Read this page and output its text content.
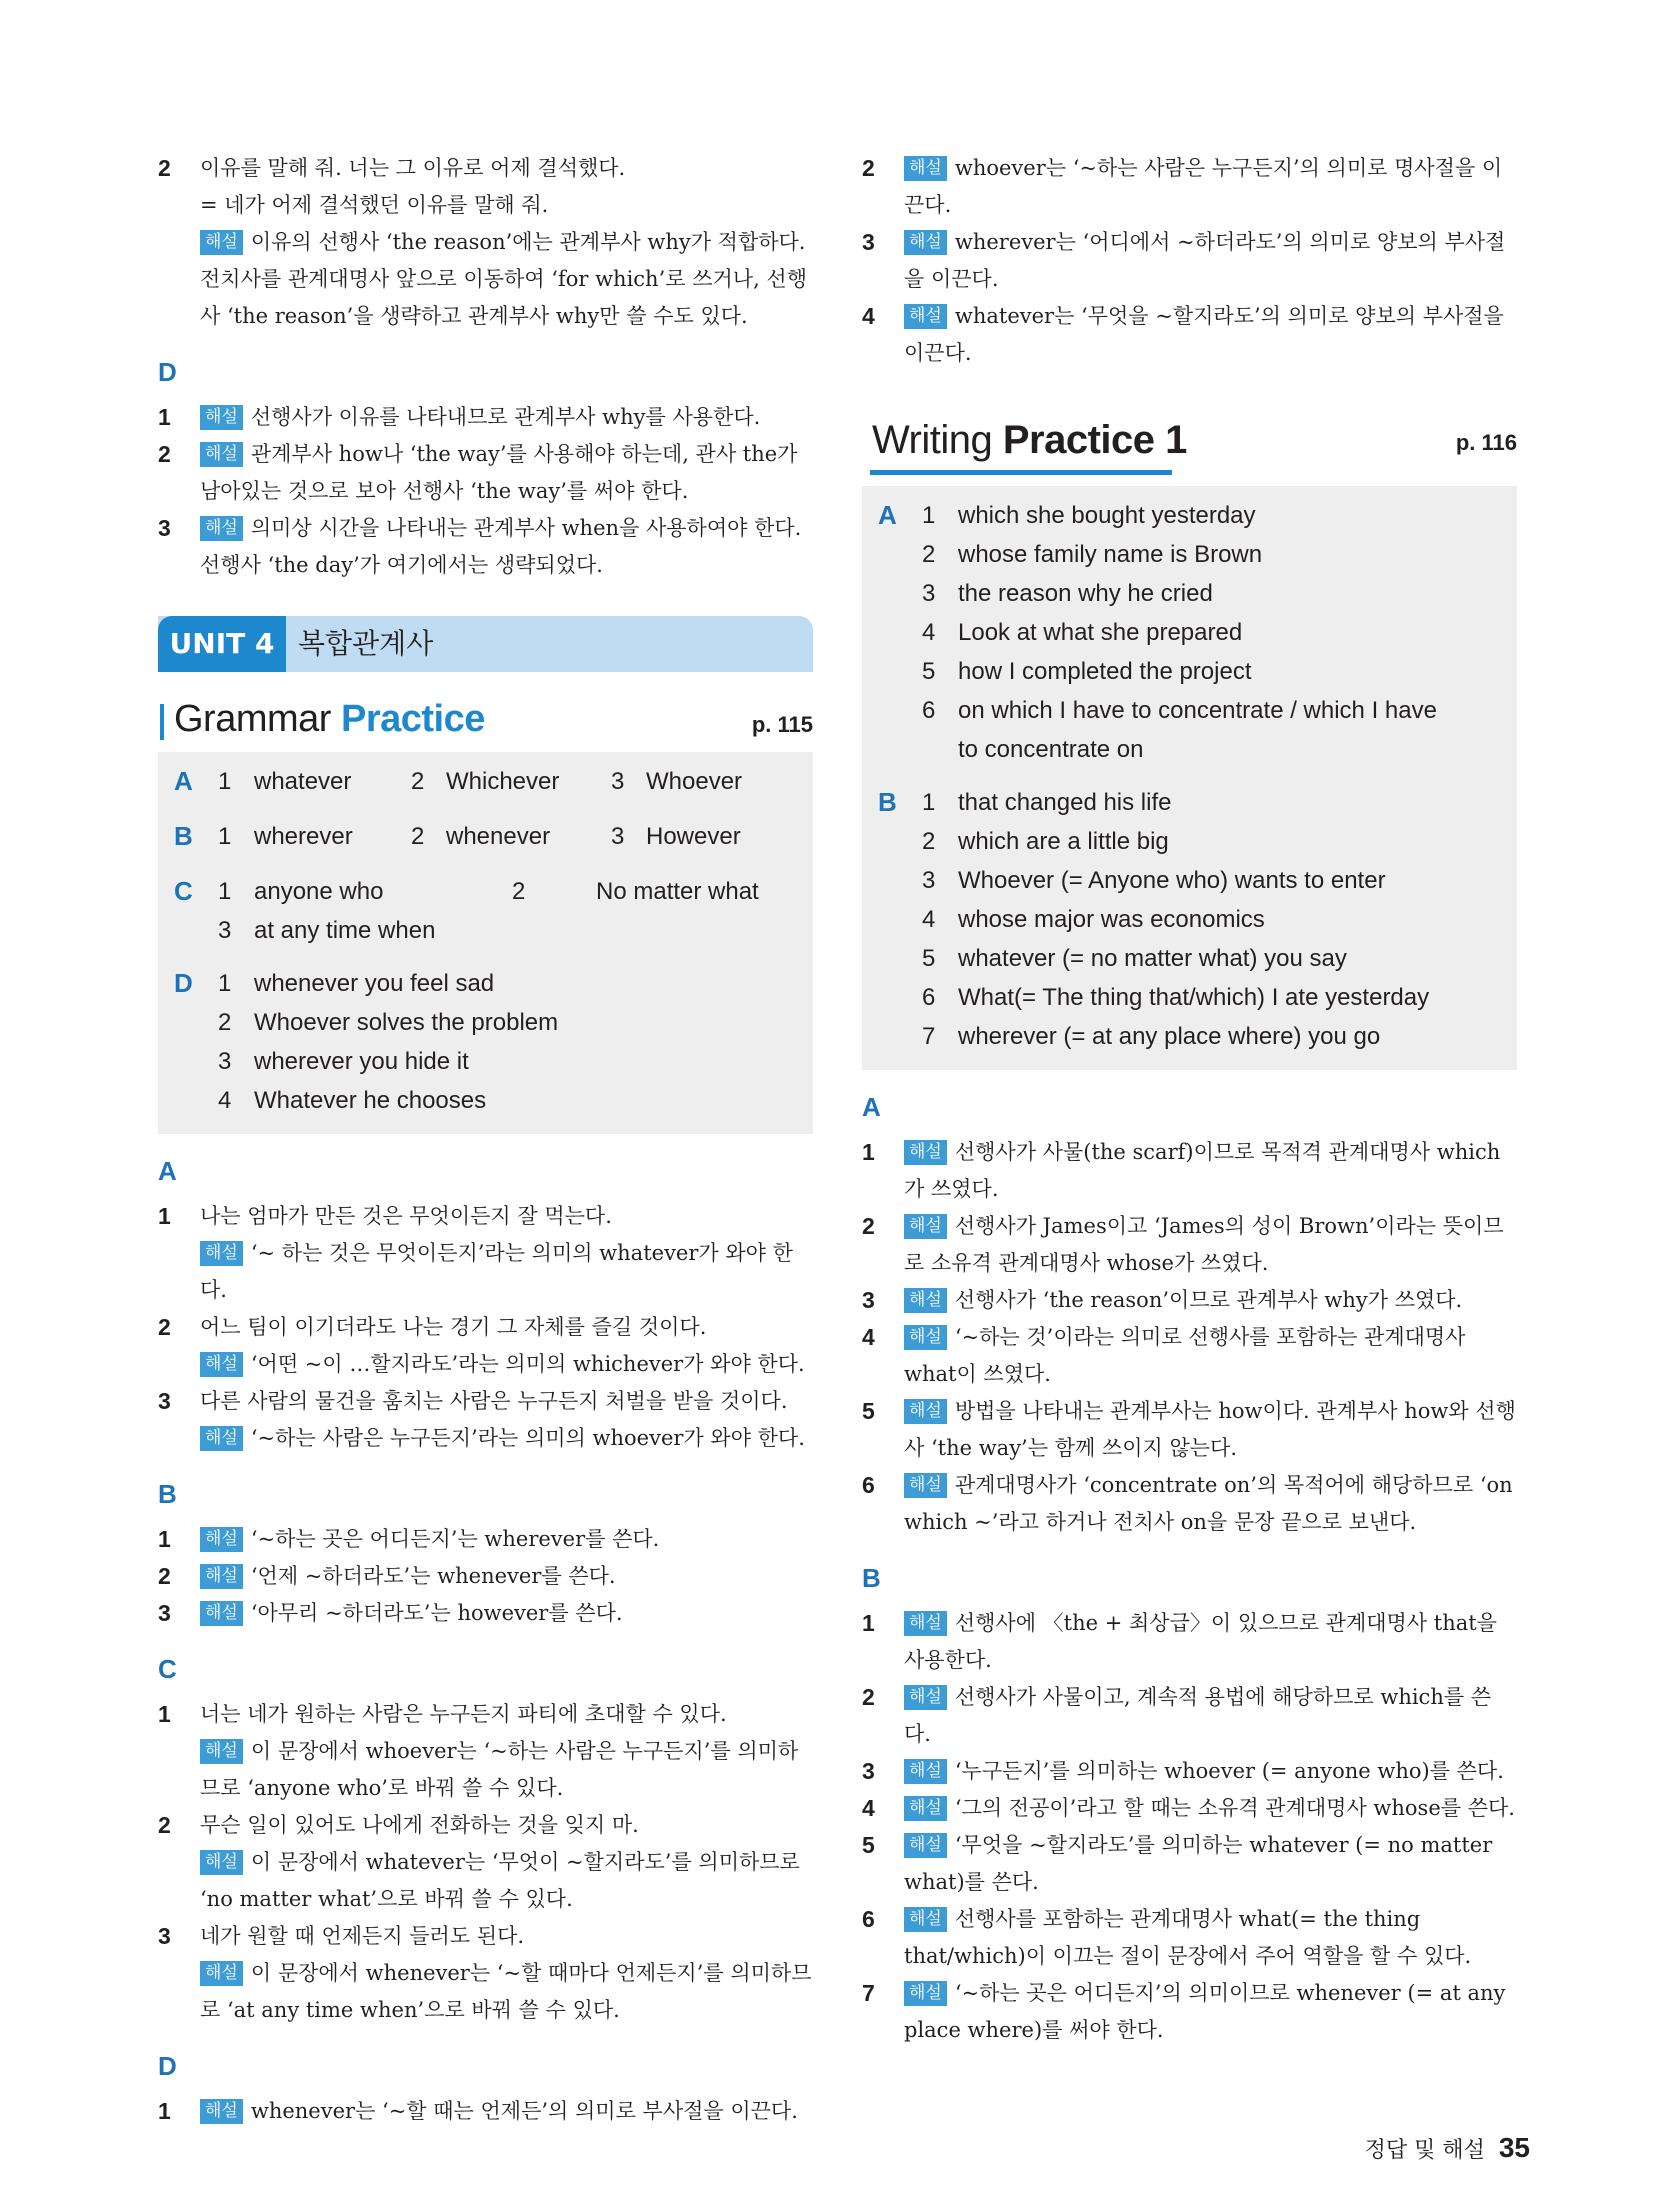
2 이유를 말해 줘. 너는 그 이유로 어제 결석했다.

= 네가 어제 결석했던 이유를 말해 줘.

해설 이유의 선행사 ‘the reason’에는 관계부사 why가 적합하다. 전치사를 관계대명사 앞으로 이동하여 ‘for which’로 쓰거나, 선행사 ‘the reason’을 생략하고 관계부사 why만 쓸 수도 있다.

D
1 해설 선행사가 이유를 나타내므로 관계부사 why를 사용한다.

2 해설 관계부사 how나 ‘the way’를 사용해야 하는데, 관사 the가 남아있는 것으로 보아 선행사 ‘the way’를 써야 한다.

3 해설 의미상 시간을 나타내는 관계부사 when을 사용하여야 한다. 선행사 ‘the day’가 여기에서는 생략되었다.

UNIT 4 복합관계사
Grammar Practice	p. 115
A 1 whatever 2 Whichever 3 Whoever
B 1 wherever 2 whenever	3 However
C 1 anyone who	2	No matter what
3 at any time when
D 1 whenever you feel sad
2 Whoever solves the problem
3 wherever you hide it
4 Whatever he chooses
A
1 나는 엄마가 만든 것은 무엇이든지 잘 먹는다.

해설 ‘~ 하는 것은 무엇이든지’라는 의미의 whatever가 와야 한다.

2 어느 팀이 이기더라도 나는 경기 그 자체를 즐길 것이다.

해설 ‘어떤 ~이 …할지라도’라는 의미의 whichever가 와야 한다.

3 다른 사람의 물건을 훔치는 사람은 누구든지 처벌을 받을 것이다.

해설 ‘~하는 사람은 누구든지’라는 의미의 whoever가 와야 한다.

B
1 해설 ‘~하는 곳은 어디든지’는 wherever를 쓴다.

2 해설 ‘언제 ~하더라도’는 whenever를 쓴다.

3 해설 ‘아무리 ~하더라도’는 however를 쓴다.

C
1 너는 네가 원하는 사람은 누구든지 파티에 초대할 수 있다.

해설 이 문장에서 whoever는 ‘~하는 사람은 누구든지’를 의미하므로 ‘anyone who’로 바꿔 쓸 수 있다.

2 무슨 일이 있어도 나에게 전화하는 것을 잊지 마.

해설 이 문장에서 whatever는 ‘무엇이 ~할지라도’를 의미하므로 ‘no matter what’으로 바꿔 쓸 수 있다.

3 네가 원할 때 언제든지 들러도 된다.

해설 이 문장에서 whenever는 ‘~할 때마다 언제든지’를 의미하므로 ‘at any time when’으로 바꿔 쓸 수 있다.

D
1 해설 whenever는 ‘~할 때는 언제든’의 의미로 부사절을 이끈다.

2 해설 whoever는 ‘~하는 사람은 누구든지’의 의미로 명사절을 이끈다.

3 해설 wherever는 ‘어디에서 ~하더라도’의 의미로 양보의 부사절을 이끈다.

4 해설 whatever는 ‘무엇을 ~할지라도’의 의미로 양보의 부사절을 이끈다.

Writing Practice 1	p. 116
A 1 which she bought yesterday
2 whose family name is Brown
3 the reason why he cried
4 Look at what she prepared
5 how I completed the project
6 on which I have to concentrate / which I have
to concentrate on
B 1 that changed his life
2 which are a little big
3 Whoever (= Anyone who) wants to enter
4 whose major was economics
5 whatever (= no matter what) you say
6 What(= The thing that/which) I ate yesterday
7 wherever (= at any place where) you go
A
1 해설 선행사가 사물(the scarf)이므로 목적격 관계대명사 which가 쓰였다.

2 해설 선행사가 James이고 ‘James의 성이 Brown’이라는 뜻이므로 소유격 관계대명사 whose가 쓰였다.

3 해설 선행사가 ‘the reason’이므로 관계부사 why가 쓰였다.

4 해설 ‘~하는 것’이라는 의미로 선행사를 포함하는 관계대명사 what이 쓰였다.

5 해설 방법을 나타내는 관계부사는 how이다. 관계부사 how와 선행사 ‘the way’는 함께 쓰이지 않는다.

6 해설 관계대명사가 ‘concentrate on’의 목적어에 해당하므로 ‘on which ~’라고 하거나 전치사 on을 문장 끝으로 보낸다.

B
1 해설 선행사에 〈the + 최상급〉이 있으므로 관계대명사 that을 사용한다.

2 해설 선행사가 사물이고, 계속적 용법에 해당하므로 which를 쓴다.

3 해설 ‘누구든지’를 의미하는 whoever (= anyone who)를 쓴다.

4 해설 ‘그의 전공이’라고 할 때는 소유격 관계대명사 whose를 쓴다.

5 해설 ‘무엇을 ~할지라도’를 의미하는 whatever (= no matter what)를 쓴다.

6 해설 선행사를 포함하는 관계대명사 what(= the thing that/which)이 이끄는 절이 문장에서 주어 역할을 할 수 있다.

7 해설 ‘~하는 곳은 어디든지’의 의미이므로 whenever (= at any place where)를 써야 한다.

정답 및 해설 35
